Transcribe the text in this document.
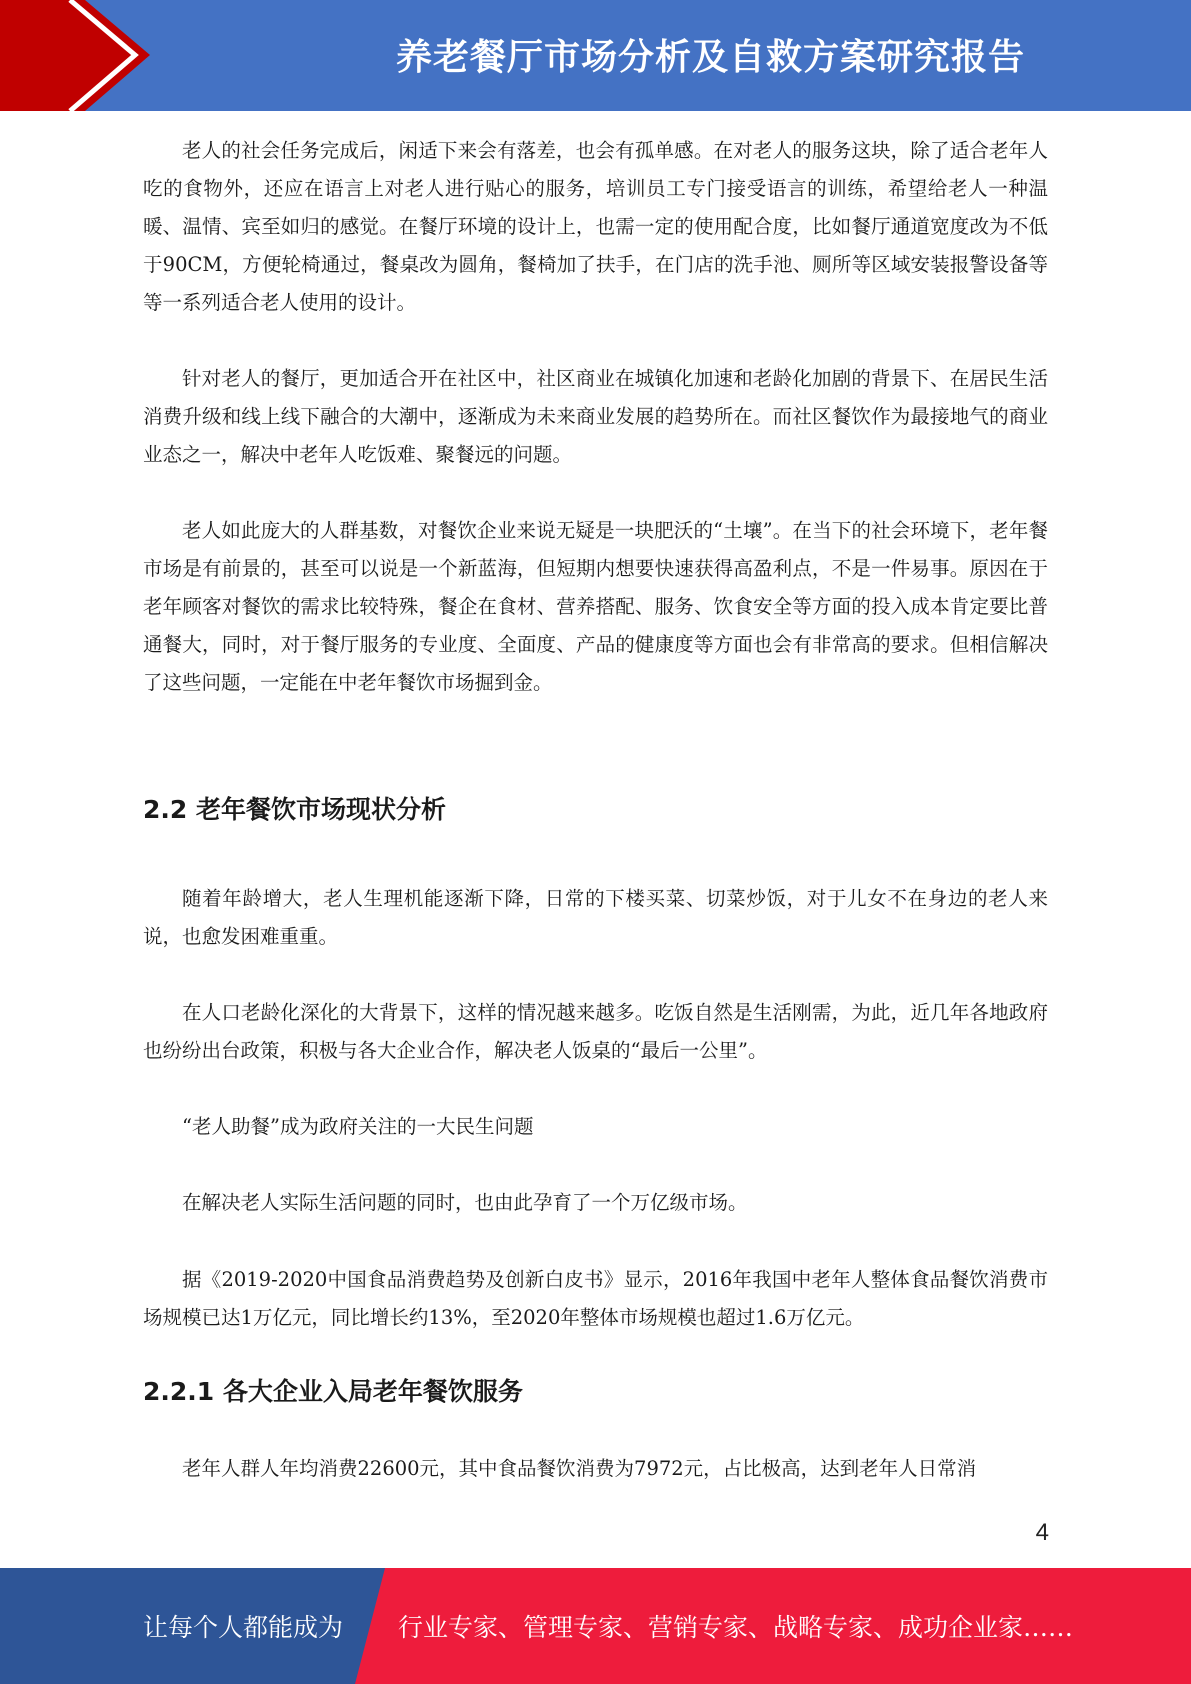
养老餐厅市场分析及自救方案研究报告

老人的社会任务完成后，闲适下来会有落差，也会有孤单感。在对老人的服务这块，除了适合老年人吃的食物外，还应在语言上对老人进行贴心的服务，培训员工专门接受语言的训练，希望给老人一种温暖、温情、宾至如归的感觉。在餐厅环境的设计上，也需一定的使用配合度，比如餐厅通道宽度改为不低于90CM，方便轮椅通过，餐桌改为圆角，餐椅加了扶手，在门店的洗手池、厕所等区域安装报警设备等等一系列适合老人使用的设计。

针对老人的餐厅，更加适合开在社区中，社区商业在城镇化加速和老龄化加剧的背景下、在居民生活消费升级和线上线下融合的大潮中，逐渐成为未来商业发展的趋势所在。而社区餐饮作为最接地气的商业业态之一，解决中老年人吃饭难、聚餐远的问题。

老人如此庞大的人群基数，对餐饮企业来说无疑是一块肥沃的“土壤”。在当下的社会环境下，老年餐市场是有前景的，甚至可以说是一个新蓝海，但短期内想要快速获得高盈利点，不是一件易事。原因在于老年顾客对餐饮的需求比较特殊，餐企在食材、营养搭配、服务、饮食安全等方面的投入成本肯定要比普通餐大，同时，对于餐厅服务的专业度、全面度、产品的健康度等方面也会有非常高的要求。但相信解决了这些问题，一定能在中老年餐饮市场掘到金。

2.2 老年餐饮市场现状分析

随着年龄增大，老人生理机能逐渐下降，日常的下楼买菜、切菜炒饭，对于儿女不在身边的老人来说，也愈发困难重重。

在人口老龄化深化的大背景下，这样的情况越来越多。吃饭自然是生活刚需，为此，近几年各地政府也纷纷出台政策，积极与各大企业合作，解决老人饭桌的“最后一公里”。

“老人助餐”成为政府关注的一大民生问题

在解决老人实际生活问题的同时，也由此孕育了一个万亿级市场。

据《2019-2020中国食品消费趋势及创新白皮书》显示，2016年我国中老年人整体食品餐饮消费市场规模已达1万亿元，同比增长约13%，至2020年整体市场规模也超过1.6万亿元。

2.2.1 各大企业入局老年餐饮服务

老年人群人年均消费22600元，其中食品餐饮消费为7972元，占比极高，达到老年人日常消

4
让每个人都能成为 行业专家、管理专家、营销专家、战略专家、成功企业家……
